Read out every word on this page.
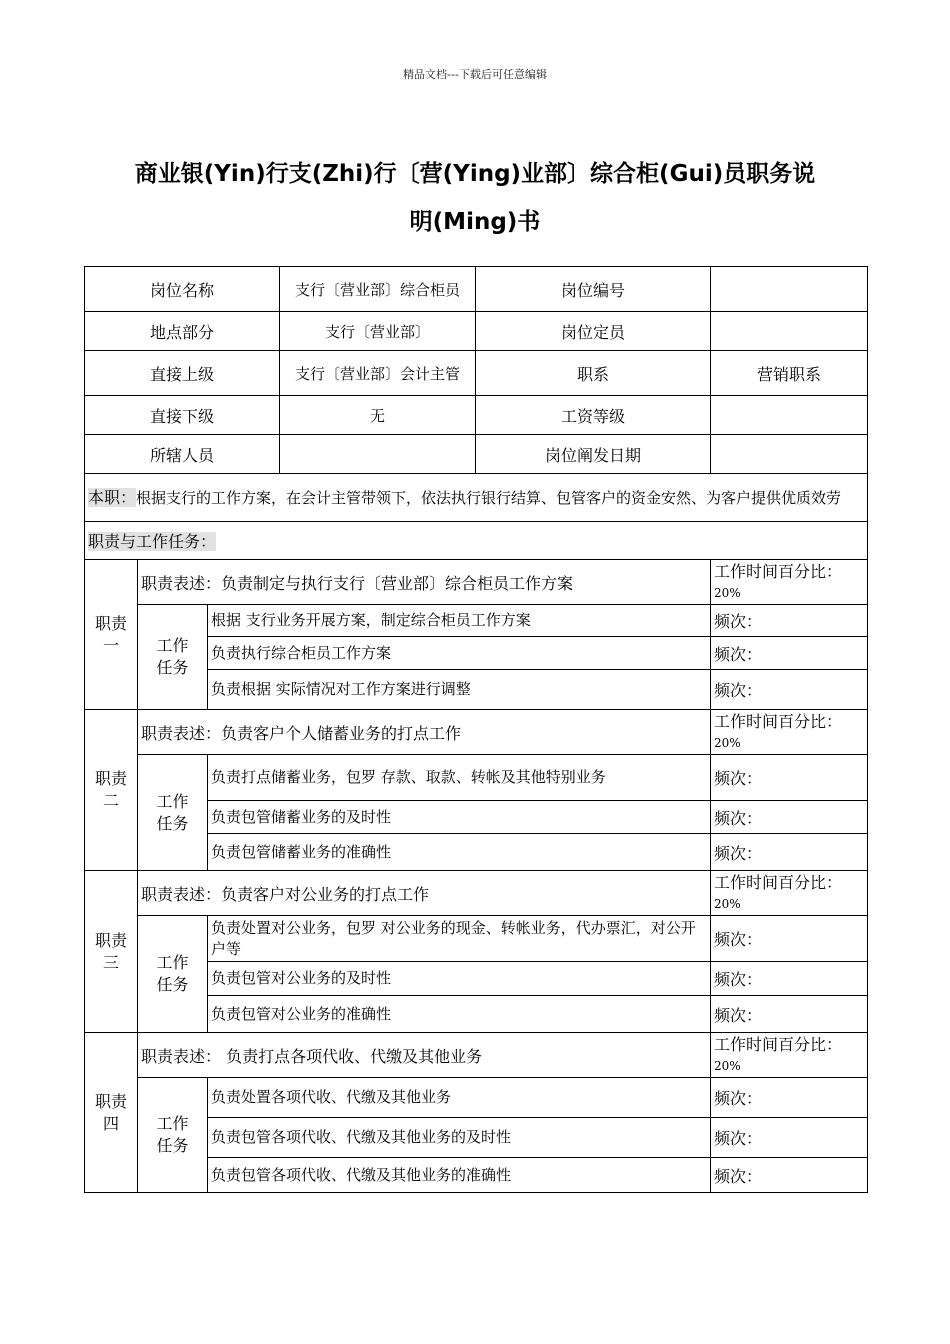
精品文档---下载后可任意编辑
商业银(Yin)行支(Zhi)行〔营(Ying)业部〕综合柜(Gui)员职务说
明(Ming)书
岗位名称			支行〔营业部〕综合柜员	岗位编号	
地点部分			支行〔营业部〕	岗位定员	
直接上级			支行〔营业部〕会计主管	职系	营销职系
直接下级			无	工资等级	
所辖人员				岗位阐发日期	
本职：根据支行的工作方案，在会计主管带领下，依法执行银行结算、包管客户的资金安然、为客户提供优质效劳					
职责与工作任务：					
职责一	职责表述：负责制定与执行支行〔营业部〕综合柜员工作方案				工作时间百分比：20%
	工作任务	根据 支行业务开展方案，制定综合柜员工作方案			频次：
		负责执行综合柜员工作方案			频次：
		负责根据 实际情况对工作方案进行调整			频次：
职责二	职责表述：负责客户个人储蓄业务的打点工作				工作时间百分比：20%
	工作任务	负责打点储蓄业务，包罗 存款、取款、转帐及其他特别业务			频次：
		负责包管储蓄业务的及时性			频次：
		负责包管储蓄业务的准确性			频次：
职责三	职责表述：负责客户对公业务的打点工作				工作时间百分比：20%
	工作任务	负责处置对公业务，包罗 对公业务的现金、转帐业务，代办票汇，对公开户等			频次：
		负责包管对公业务的及时性			频次：
		负责包管对公业务的准确性			频次：
职责四	职责表述： 负责打点各项代收、代缴及其他业务				工作时间百分比：20%
	工作任务	负责处置各项代收、代缴及其他业务			频次：
		负责包管各项代收、代缴及其他业务的及时性			频次：
		负责包管各项代收、代缴及其他业务的准确性			频次：
